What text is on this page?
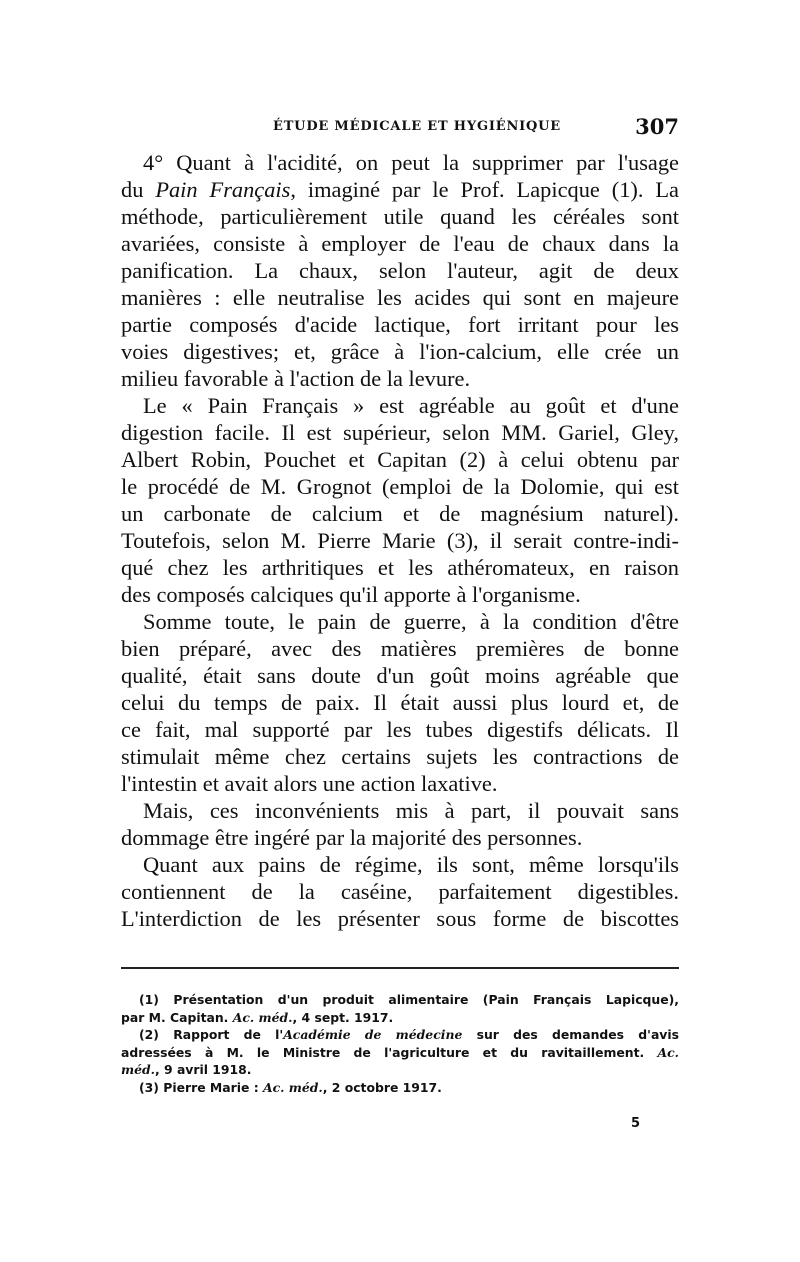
ÉTUDE MÉDICALE ET HYGIÉNIQUE	307
4° Quant à l'acidité, on peut la supprimer par l'usage
du Pain Français, imaginé par le Prof. Lapicque (1). La
méthode, particulièrement utile quand les céréales sont
avariées, consiste à employer de l'eau de chaux dans la
panification. La chaux, selon l'auteur, agit de deux
manières : elle neutralise les acides qui sont en majeure
partie composés d'acide lactique, fort irritant pour les
voies digestives; et, grâce à l'ion-calcium, elle crée un
milieu favorable à l'action de la levure.
Le « Pain Français » est agréable au goût et d'une
digestion facile. Il est supérieur, selon MM. Gariel, Gley,
Albert Robin, Pouchet et Capitan (2) à celui obtenu par
le procédé de M. Grognot (emploi de la Dolomie, qui est
un carbonate de calcium et de magnésium naturel).
Toutefois, selon M. Pierre Marie (3), il serait contre-indi-
qué chez les arthritiques et les athéromateux, en raison
des composés calciques qu'il apporte à l'organisme.
Somme toute, le pain de guerre, à la condition d'être
bien préparé, avec des matières premières de bonne
qualité, était sans doute d'un goût moins agréable que
celui du temps de paix. Il était aussi plus lourd et, de
ce fait, mal supporté par les tubes digestifs délicats. Il
stimulait même chez certains sujets les contractions de
l'intestin et avait alors une action laxative.
Mais, ces inconvénients mis à part, il pouvait sans
dommage être ingéré par la majorité des personnes.
Quant aux pains de régime, ils sont, même lorsqu'ils
contiennent de la caséine, parfaitement digestibles.
L'interdiction de les présenter sous forme de biscottes
(1) Présentation d'un produit alimentaire (Pain Français Lapicque),
par M. Capitan. Ac. méd., 4 sept. 1917.
(2) Rapport de l'Académie de médecine sur des demandes d'avis
adressées à M. le Ministre de l'agriculture et du ravitaillement. Ac.
méd., 9 avril 1918.
(3) Pierre Marie : Ac. méd., 2 octobre 1917.
5
